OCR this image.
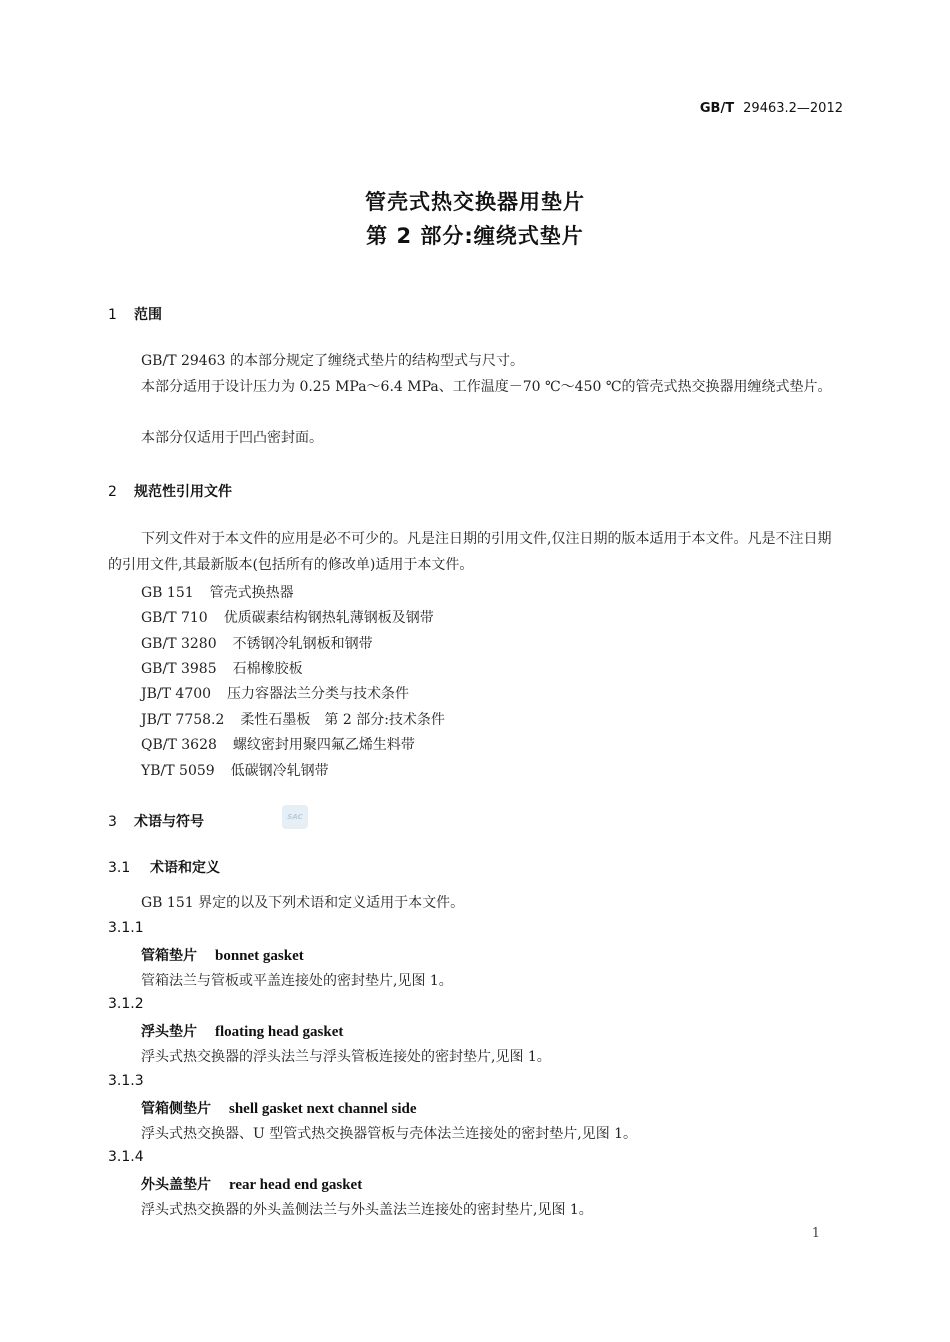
GB/T 29463.2—2012
管壳式热交换器用垫片
第 2 部分:缠绕式垫片
1 范围
GB/T 29463 的本部分规定了缠绕式垫片的结构型式与尺寸。
本部分适用于设计压力为 0.25 MPa～6.4 MPa、工作温度－70 ℃～450 ℃的管壳式热交换器用缠绕式垫片。
本部分仅适用于凹凸密封面。
2 规范性引用文件
下列文件对于本文件的应用是必不可少的。凡是注日期的引用文件,仅注日期的版本适用于本文件。凡是不注日期的引用文件,其最新版本(包括所有的修改单)适用于本文件。
GB 151 管壳式换热器
GB/T 710 优质碳素结构钢热轧薄钢板及钢带
GB/T 3280 不锈钢冷轧钢板和钢带
GB/T 3985 石棉橡胶板
JB/T 4700 压力容器法兰分类与技术条件
JB/T 7758.2 柔性石墨板　第 2 部分:技术条件
QB/T 3628 螺纹密封用聚四氟乙烯生料带
YB/T 5059 低碳钢冷轧钢带
3 术语与符号	SAC
3.1 术语和定义
GB 151 界定的以及下列术语和定义适用于本文件。
3.1.1
管箱垫片 bonnet gasket
管箱法兰与管板或平盖连接处的密封垫片,见图 1。
3.1.2
浮头垫片 floating head gasket
浮头式热交换器的浮头法兰与浮头管板连接处的密封垫片,见图 1。
3.1.3
管箱侧垫片 shell gasket next channel side
浮头式热交换器、U 型管式热交换器管板与壳体法兰连接处的密封垫片,见图 1。
3.1.4
外头盖垫片 rear head end gasket
浮头式热交换器的外头盖侧法兰与外头盖法兰连接处的密封垫片,见图 1。
1
